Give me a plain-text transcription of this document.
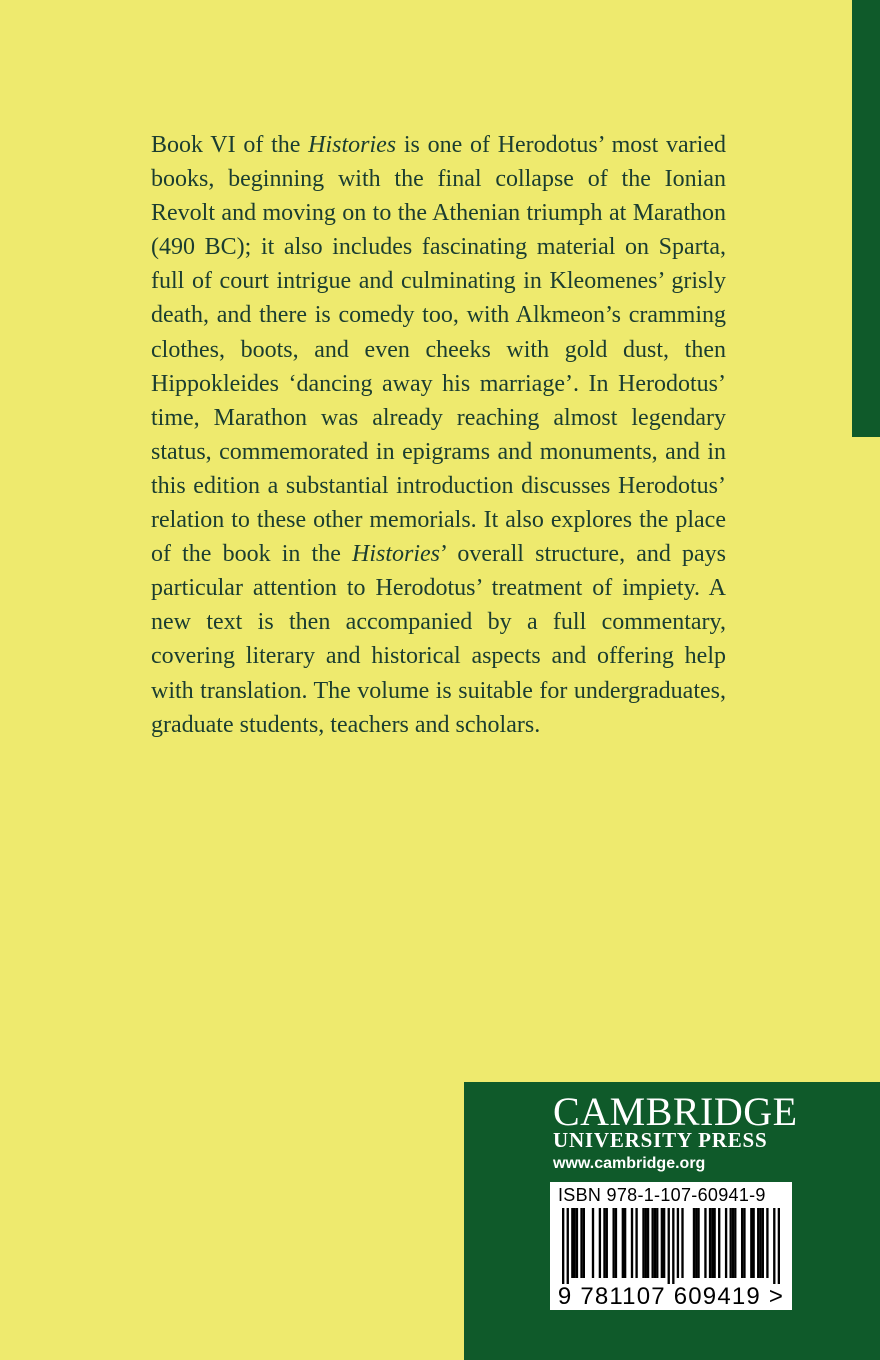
Book VI of the Histories is one of Herodotus’ most varied books, beginning with the final collapse of the Ionian Revolt and moving on to the Athenian triumph at Marathon (490 BC); it also includes fascinating material on Sparta, full of court intrigue and culminating in Kleomenes’ grisly death, and there is comedy too, with Alkmeon’s cramming clothes, boots, and even cheeks with gold dust, then Hippokleides ‘dancing away his marriage’. In Herodotus’ time, Marathon was already reaching almost legendary status, commemorated in epigrams and monuments, and in this edition a substantial introduction discusses Herodotus’ relation to these other memorials. It also explores the place of the book in the Histories’ overall structure, and pays particular attention to Herodotus’ treatment of impiety. A new text is then accompanied by a full commentary, covering literary and historical aspects and offering help with translation. The volume is suitable for undergraduates, graduate students, teachers and scholars.

CAMBRIDGE
UNIVERSITY PRESS
www.cambridge.org
ISBN 978-1-107-60941-9
9 781107 609419 >
